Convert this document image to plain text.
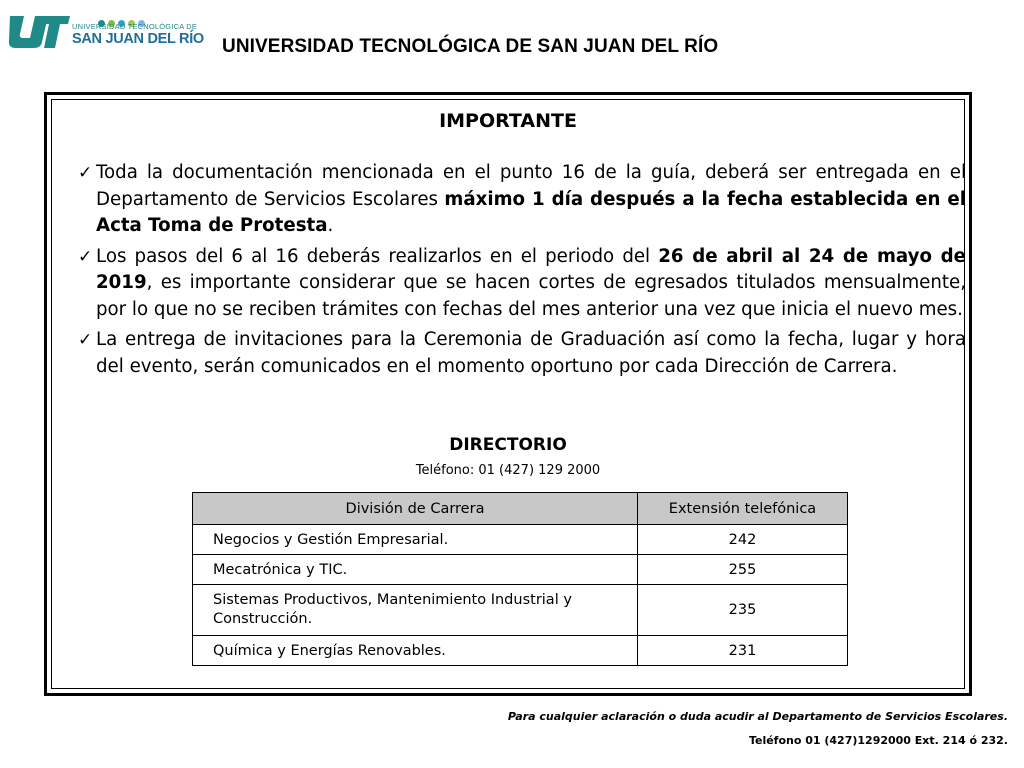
UNIVERSIDAD TECNOLÓGICA DE
SAN JUAN DEL RÍO UNIVERSIDAD TECNOLÓGICA DE SAN JUAN DEL RÍO
IMPORTANTE
✓ Toda la documentación mencionada en el punto 16 de la guía, deberá ser entregada en el Departamento de Servicios Escolares máximo 1 día después a la fecha establecida en el Acta Toma de Protesta.
✓ Los pasos del 6 al 16 deberás realizarlos en el periodo del 26 de abril al 24 de mayo de 2019, es importante considerar que se hacen cortes de egresados titulados mensualmente, por lo que no se reciben trámites con fechas del mes anterior una vez que inicia el nuevo mes.
✓ La entrega de invitaciones para la Ceremonia de Graduación así como la fecha, lugar y hora del evento, serán comunicados en el momento oportuno por cada Dirección de Carrera.
DIRECTORIO
Teléfono: 01 (427) 129 2000
División de Carrera	Extensión telefónica
Negocios y Gestión Empresarial.	242
Mecatrónica y TIC.	255
Sistemas Productivos, Mantenimiento Industrial y Construcción.	235
Química y Energías Renovables.	231
Para cualquier aclaración o duda acudir al Departamento de Servicios Escolares.
Teléfono 01 (427)1292000 Ext. 214 ó 232.
